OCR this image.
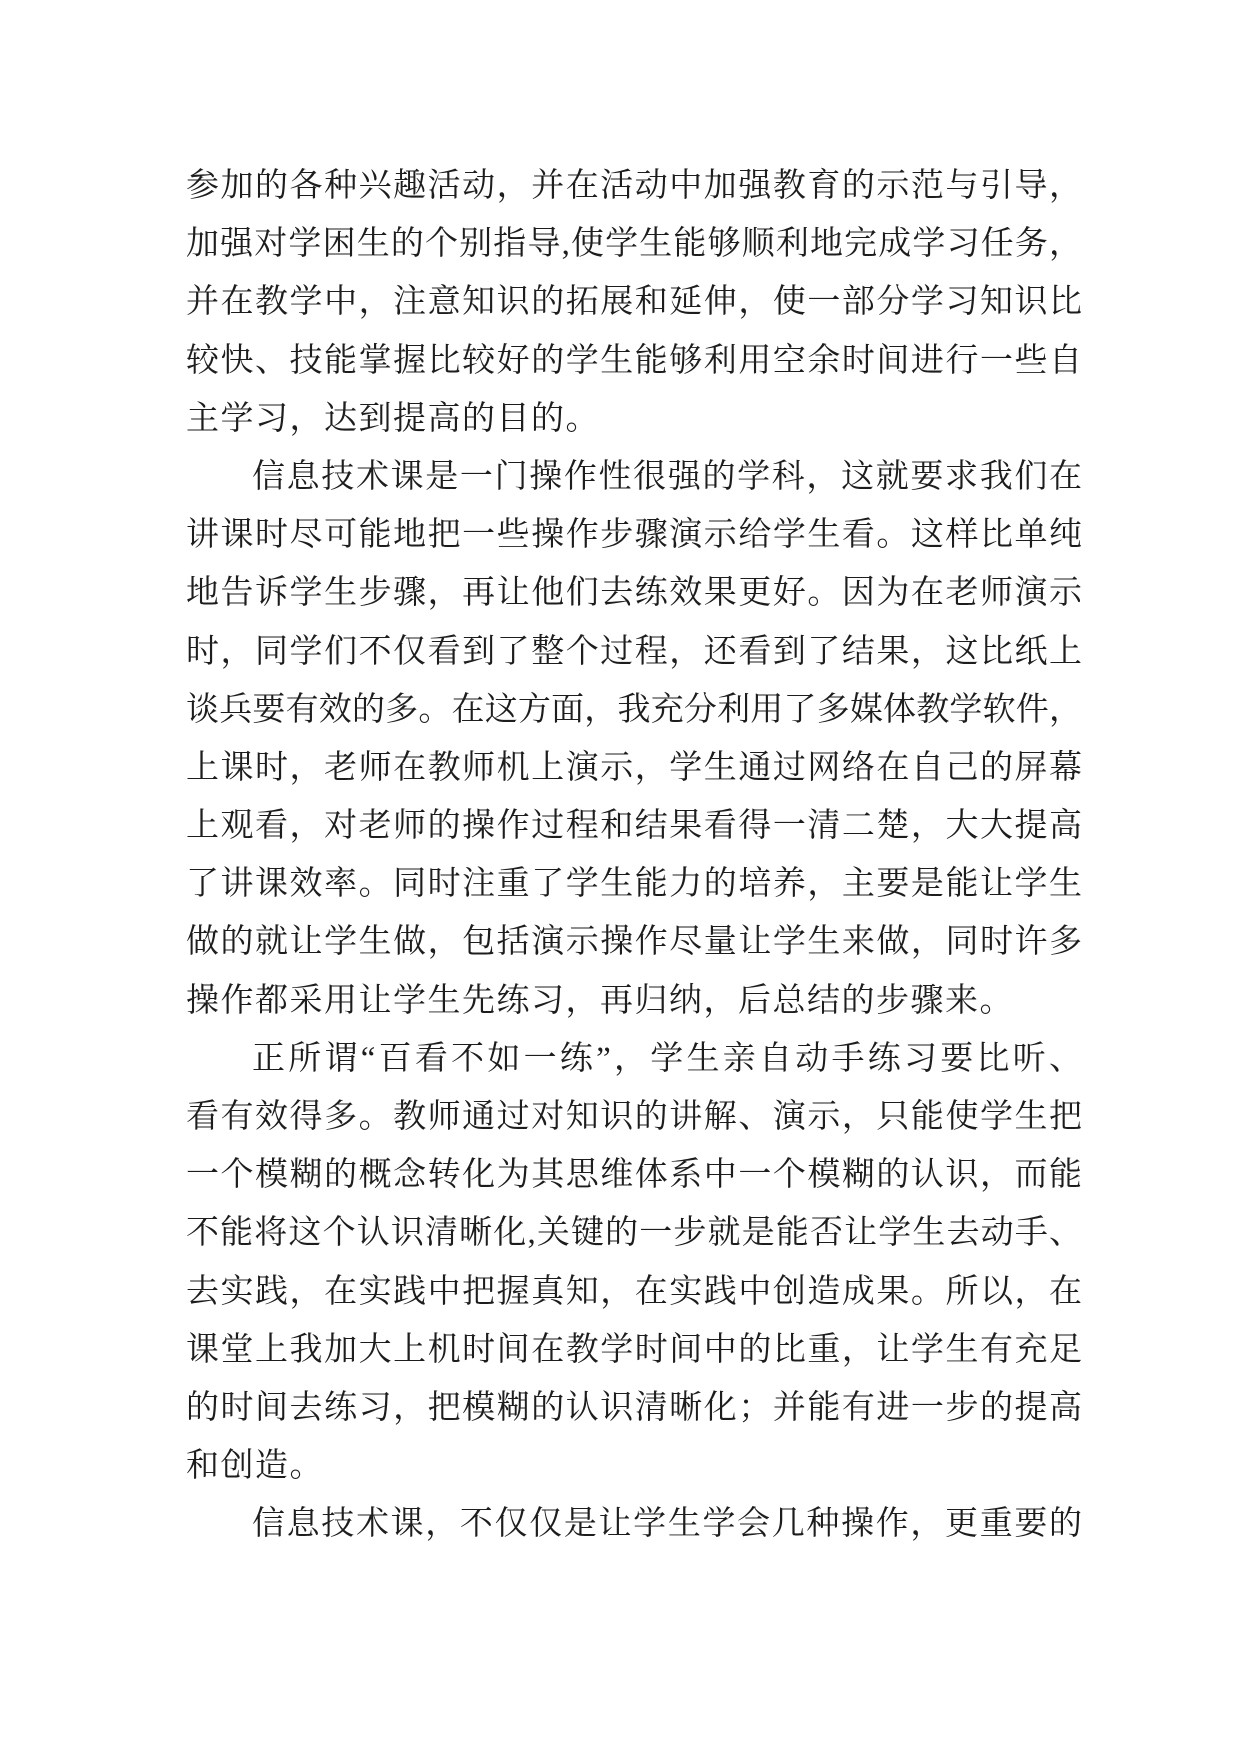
参加的各种兴趣活动，并在活动中加强教育的示范与引导，
加强对学困生的个别指导,使学生能够顺利地完成学习任务，
并在教学中，注意知识的拓展和延伸，使一部分学习知识比
较快、技能掌握比较好的学生能够利用空余时间进行一些自
主学习，达到提高的目的。
信息技术课是一门操作性很强的学科，这就要求我们在
讲课时尽可能地把一些操作步骤演示给学生看。这样比单纯
地告诉学生步骤，再让他们去练效果更好。因为在老师演示
时，同学们不仅看到了整个过程，还看到了结果，这比纸上
谈兵要有效的多。在这方面，我充分利用了多媒体教学软件，
上课时，老师在教师机上演示，学生通过网络在自己的屏幕
上观看，对老师的操作过程和结果看得一清二楚，大大提高
了讲课效率。同时注重了学生能力的培养，主要是能让学生
做的就让学生做，包括演示操作尽量让学生来做，同时许多
操作都采用让学生先练习，再归纳，后总结的步骤来。
正所谓“百看不如一练”，学生亲自动手练习要比听、
看有效得多。教师通过对知识的讲解、演示，只能使学生把
一个模糊的概念转化为其思维体系中一个模糊的认识，而能
不能将这个认识清晰化,关键的一步就是能否让学生去动手、
去实践，在实践中把握真知，在实践中创造成果。所以，在
课堂上我加大上机时间在教学时间中的比重，让学生有充足
的时间去练习，把模糊的认识清晰化；并能有进一步的提高
和创造。
信息技术课，不仅仅是让学生学会几种操作，更重要的
